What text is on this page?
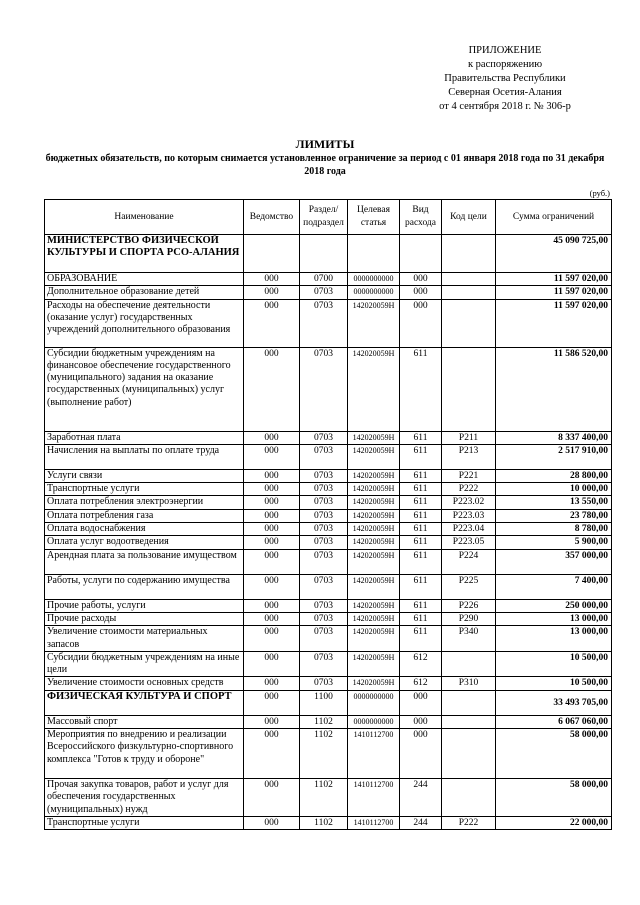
ПРИЛОЖЕНИЕ
к распоряжению
Правительства Республики
Северная Осетия-Алания
от 4 сентября 2018 г. № 306-р
ЛИМИТЫ
бюджетных обязательств, по которым снимается установленное ограничение за период с 01 января 2018 года по 31 декабря 2018 года
(руб.)
Наименование	Ведомство	Раздел/ подраздел	Целевая статья	Вид расхода	Код цели	Сумма ограничений
МИНИСТЕРСТВО ФИЗИЧЕСКОЙ КУЛЬТУРЫ И СПОРТА РСО-АЛАНИЯ						45 090 725,00
ОБРАЗОВАНИЕ	000	0700	0000000000	000		11 597 020,00
Дополнительное образование детей	000	0703	0000000000	000		11 597 020,00
Расходы на обеспечение деятельности (оказание услуг) государственных учреждений дополнительного образования	000	0703	142020059Н	000		11 597 020,00
Субсидии бюджетным учреждениям на финансовое обеспечение государственного (муниципального) задания на оказание государственных (муниципальных) услуг (выполнение работ)	000	0703	142020059Н	611		11 586 520,00
Заработная плата	000	0703	142020059Н	611	Р211	8 337 400,00
Начисления на выплаты по оплате труда	000	0703	142020059Н	611	Р213	2 517 910,00
Услуги связи	000	0703	142020059Н	611	Р221	28 800,00
Транспортные услуги	000	0703	142020059Н	611	Р222	10 000,00
Оплата потребления электроэнергии	000	0703	142020059Н	611	Р223.02	13 550,00
Оплата потребления газа	000	0703	142020059Н	611	Р223.03	23 780,00
Оплата водоснабжения	000	0703	142020059Н	611	Р223.04	8 780,00
Оплата услуг водоотведения	000	0703	142020059Н	611	Р223.05	5 900,00
Арендная плата за пользование имуществом	000	0703	142020059Н	611	Р224	357 000,00
Работы, услуги по содержанию имущества	000	0703	142020059Н	611	Р225	7 400,00
Прочие работы, услуги	000	0703	142020059Н	611	Р226	250 000,00
Прочие расходы	000	0703	142020059Н	611	Р290	13 000,00
Увеличение стоимости материальных запасов	000	0703	142020059Н	611	Р340	13 000,00
Субсидии бюджетным учреждениям на иные цели	000	0703	142020059Н	612		10 500,00
Увеличение стоимости основных средств	000	0703	142020059Н	612	Р310	10 500,00
ФИЗИЧЕСКАЯ КУЛЬТУРА И СПОРТ	000	1100	0000000000	000		33 493 705,00
Массовый спорт	000	1102	0000000000	000		6 067 060,00
Мероприятия по внедрению и реализации Всероссийского физкультурно-спортивного комплекса "Готов к труду и обороне"	000	1102	1410112700	000		58 000,00
Прочая закупка товаров, работ и услуг для обеспечения государственных (муниципальных) нужд	000	1102	1410112700	244		58 000,00
Транспортные услуги	000	1102	1410112700	244	Р222	22 000,00
